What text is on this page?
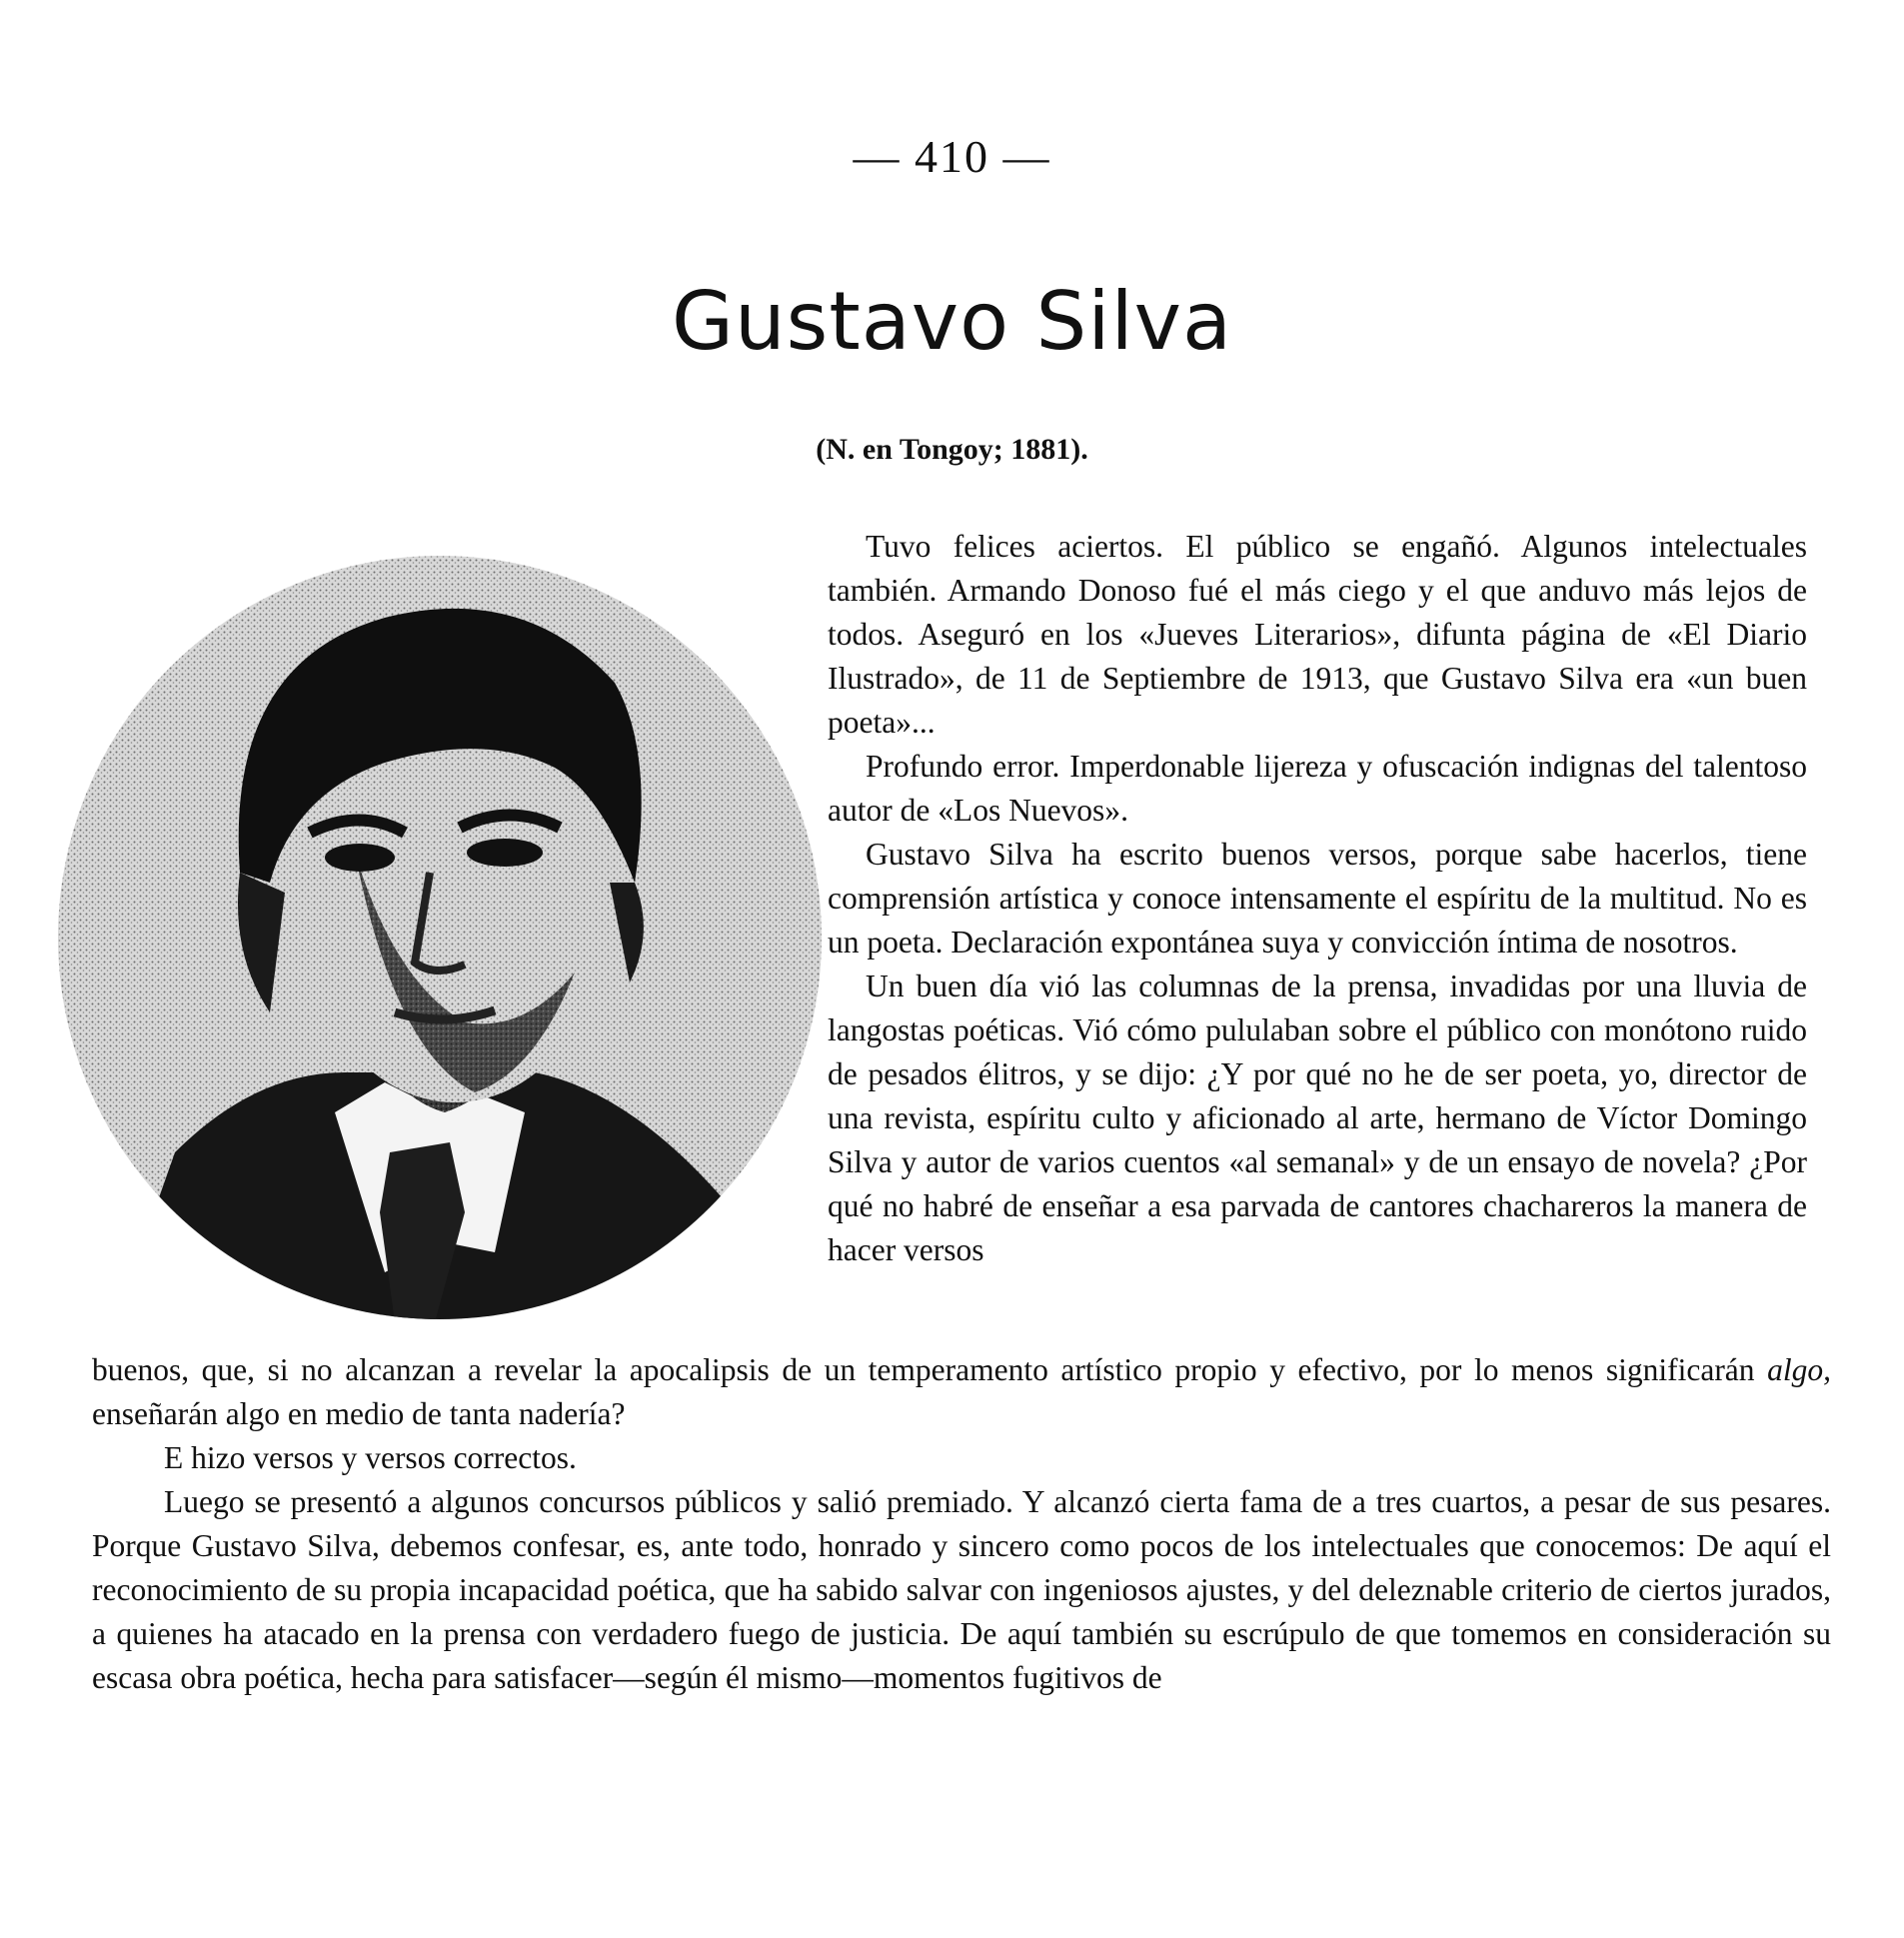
— 410 —
Gustavo Silva
(N. en Tongoy; 1881).

Tuvo felices aciertos. El público se engañó. Algunos intelectuales también. Armando Donoso fué el más ciego y el que anduvo más lejos de todos. Aseguró en los «Jueves Literarios», difunta página de «El Diario Ilustrado», de 11 de Septiembre de 1913, que Gustavo Silva era «un buen poeta»...

Profundo error. Imperdonable lijereza y ofuscación indignas del talentoso autor de «Los Nuevos».

Gustavo Silva ha escrito buenos versos, porque sabe hacerlos, tiene comprensión artística y conoce intensamente el espíritu de la multitud. No es un poeta. Declaración expontánea suya y convicción íntima de nosotros.

Un buen día vió las columnas de la prensa, invadidas por una lluvia de langostas poéticas. Vió cómo pululaban sobre el público con monótono ruido de pesados élitros, y se dijo: ¿Y por qué no he de ser poeta, yo, director de una revista, espíritu culto y aficionado al arte, hermano de Víctor Domingo Silva y autor de varios cuentos «al semanal» y de un ensayo de novela? ¿Por qué no habré de enseñar a esa parvada de cantores chachareros la manera de hacer versos

buenos, que, si no alcanzan a revelar la apocalipsis de un temperamento artístico propio y efectivo, por lo menos significarán algo, enseñarán algo en medio de tanta nadería?

E hizo versos y versos correctos.

Luego se presentó a algunos concursos públicos y salió premiado. Y alcanzó cierta fama de a tres cuartos, a pesar de sus pesares. Porque Gustavo Silva, debemos confesar, es, ante todo, honrado y sincero como pocos de los intelectuales que conocemos: De aquí el reconocimiento de su propia incapacidad poética, que ha sabido salvar con ingeniosos ajustes, y del deleznable criterio de ciertos jurados, a quienes ha atacado en la prensa con verdadero fuego de justicia. De aquí también su escrúpulo de que tomemos en consideración su escasa obra poética, hecha para satisfacer—según él mismo—momentos fugitivos de
